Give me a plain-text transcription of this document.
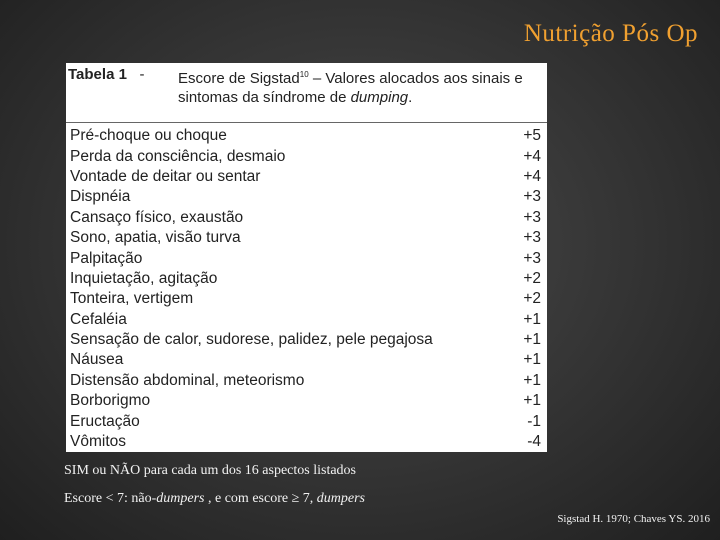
Nutrição Pós Op
Tabela 1 -	Escore de Sigstad$^{10}$ – Valores alocados aos sinais e sintomas da síndrome de dumping.
Pré-choque ou choque	+5
Perda da consciência, desmaio	+4
Vontade de deitar ou sentar	+4
Dispnéia	+3
Cansaço físico, exaustão	+3
Sono, apatia, visão turva	+3
Palpitação	+3
Inquietação, agitação	+2
Tonteira, vertigem	+2
Cefaléia	+1
Sensação de calor, sudorese, palidez, pele pegajosa	+1
Náusea	+1
Distensão abdominal, meteorismo	+1
Borborigmo	+1
Eructação	-1
Vômitos	-4
SIM ou NÃO para cada um dos 16 aspectos listados
Escore < 7: não-dumpers , e com escore ≥ 7, dumpers
Sigstad H. 1970; Chaves YS. 2016
